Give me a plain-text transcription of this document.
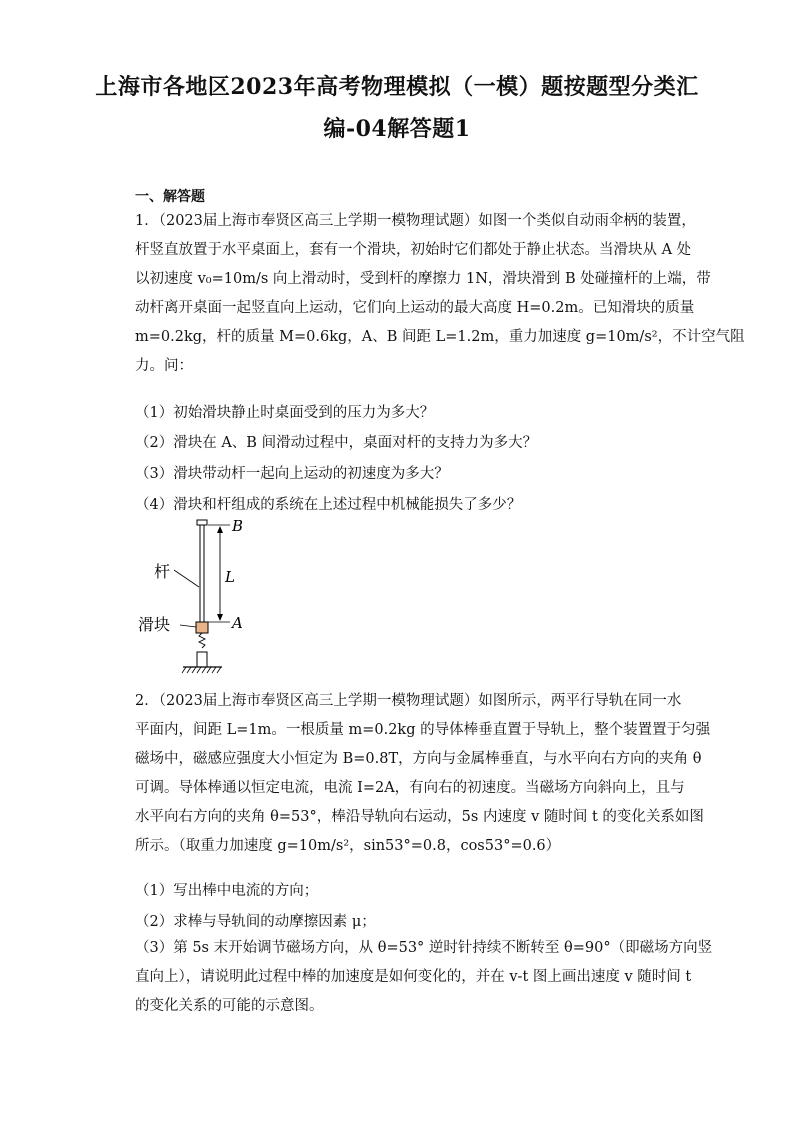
上海市各地区2023年高考物理模拟（一模）题按题型分类汇
编-04解答题1
一、解答题
1．（2023届上海市奉贤区高三上学期一模物理试题）如图一个类似自动雨伞柄的装置，
杆竖直放置于水平桌面上，套有一个滑块，初始时它们都处于静止状态。当滑块从 A 处
以初速度 v₀=10m/s 向上滑动时，受到杆的摩擦力 1N，滑块滑到 B 处碰撞杆的上端，带
动杆离开桌面一起竖直向上运动，它们向上运动的最大高度 H=0.2m。已知滑块的质量
m=0.2kg，杆的质量 M=0.6kg，A、B 间距 L=1.2m，重力加速度 g=10m/s²，不计空气阻
力。问：
（1）初始滑块静止时桌面受到的压力为多大？
（2）滑块在 A、B 间滑动过程中，桌面对杆的支持力为多大？
（3）滑块带动杆一起向上运动的初速度为多大？
（4）滑块和杆组成的系统在上述过程中机械能损失了多少？
B
A
L
杆
滑块
2．（2023届上海市奉贤区高三上学期一模物理试题）如图所示，两平行导轨在同一水
平面内，间距 L=1m。一根质量 m=0.2kg 的导体棒垂直置于导轨上，整个装置置于匀强
磁场中，磁感应强度大小恒定为 B=0.8T，方向与金属棒垂直，与水平向右方向的夹角 θ
可调。导体棒通以恒定电流，电流 I=2A，有向右的初速度。当磁场方向斜向上，且与
水平向右方向的夹角 θ=53°，棒沿导轨向右运动，5s 内速度 v 随时间 t 的变化关系如图
所示。（取重力加速度 g=10m/s²，sin53°=0.8，cos53°=0.6）
（1）写出棒中电流的方向；
（2）求棒与导轨间的动摩擦因素 μ；
（3）第 5s 末开始调节磁场方向，从 θ=53° 逆时针持续不断转至 θ=90°（即磁场方向竖
直向上），请说明此过程中棒的加速度是如何变化的，并在 v-t 图上画出速度 v 随时间 t
的变化关系的可能的示意图。
